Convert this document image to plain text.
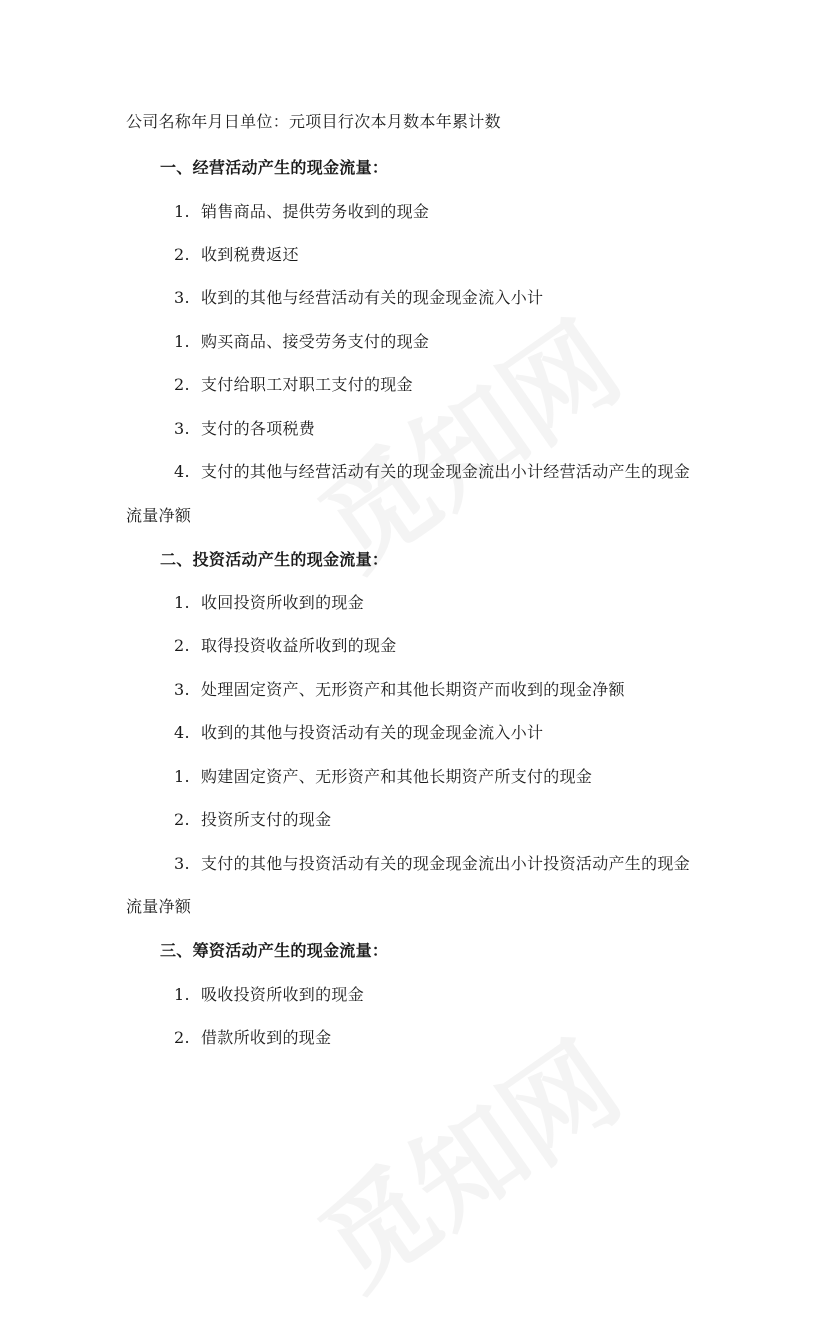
公司名称年月日单位：元项目行次本月数本年累计数
一、经营活动产生的现金流量：
1. 销售商品、提供劳务收到的现金
2. 收到税费返还
3. 收到的其他与经营活动有关的现金现金流入小计
1. 购买商品、接受劳务支付的现金
2. 支付给职工对职工支付的现金
3. 支付的各项税费
4. 支付的其他与经营活动有关的现金现金流出小计经营活动产生的现金
流量净额
二、投资活动产生的现金流量：
1. 收回投资所收到的现金
2. 取得投资收益所收到的现金
3. 处理固定资产、无形资产和其他长期资产而收到的现金净额
4. 收到的其他与投资活动有关的现金现金流入小计
1. 购建固定资产、无形资产和其他长期资产所支付的现金
2. 投资所支付的现金
3. 支付的其他与投资活动有关的现金现金流出小计投资活动产生的现金
流量净额
三、筹资活动产生的现金流量：
1. 吸收投资所收到的现金
2. 借款所收到的现金
